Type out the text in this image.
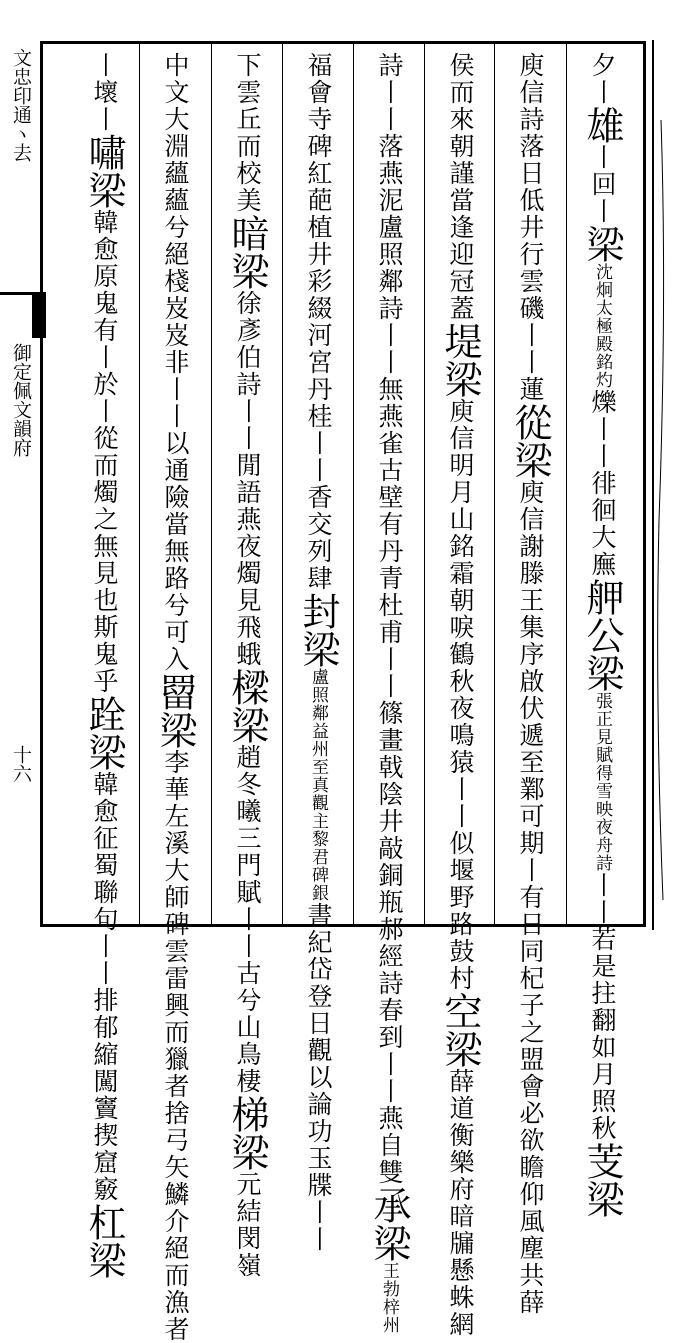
文忠印通ヽ去
御定佩文韻府
十六
夕丨雄丨回丨梁沈炯太極殿銘灼爍丨丨徘徊大廡舺公梁張正見賦得雪映夜舟詩丨丨若是拄翻如月照秋芰梁
庾信詩落日低井行雲磯丨丨蓮從梁庾信謝滕王集序啟伏遞至鄴可期丨有日同杞子之盟會必欲瞻仰風塵共薛
侯而來朝謹當逢迎冠蓋堤梁庾信明月山銘霜朝唳鶴秋夜鳴猿丨丨似堰野路鼓村空梁薛道衡樂府暗牖懸蛛網
詩丨丨落燕泥盧照鄰詩丨丨無燕雀古壁有丹青杜甫丨丨篠畫戟陰井敲銅瓶郝經詩春到丨丨燕自雙承梁王勃梓州
福會寺碑紅葩植井彩綴河宮丹桂丨丨香交列肆封梁盧照鄰益州至真觀主黎君碑銀書紀岱登日觀以論功玉牒丨丨
下雲丘而校美暗梁徐彥伯詩丨丨閒語燕夜燭見飛蛾樑梁趙冬曦三門賦丨丨古兮山鳥棲梯梁元結閔嶺
中文大淵蘊蘊兮絕棧岌岌非丨丨以通險當無路兮可入罶梁李華左溪大師碑雲雷興而獵者捨弓矢鱗介絕而漁者
丨壞丨嘯梁韓愈原鬼有丨於丨從而燭之無見也斯鬼乎跧梁韓愈征蜀聯句丨丨排郁縮闖竇揳窟竅杠梁
